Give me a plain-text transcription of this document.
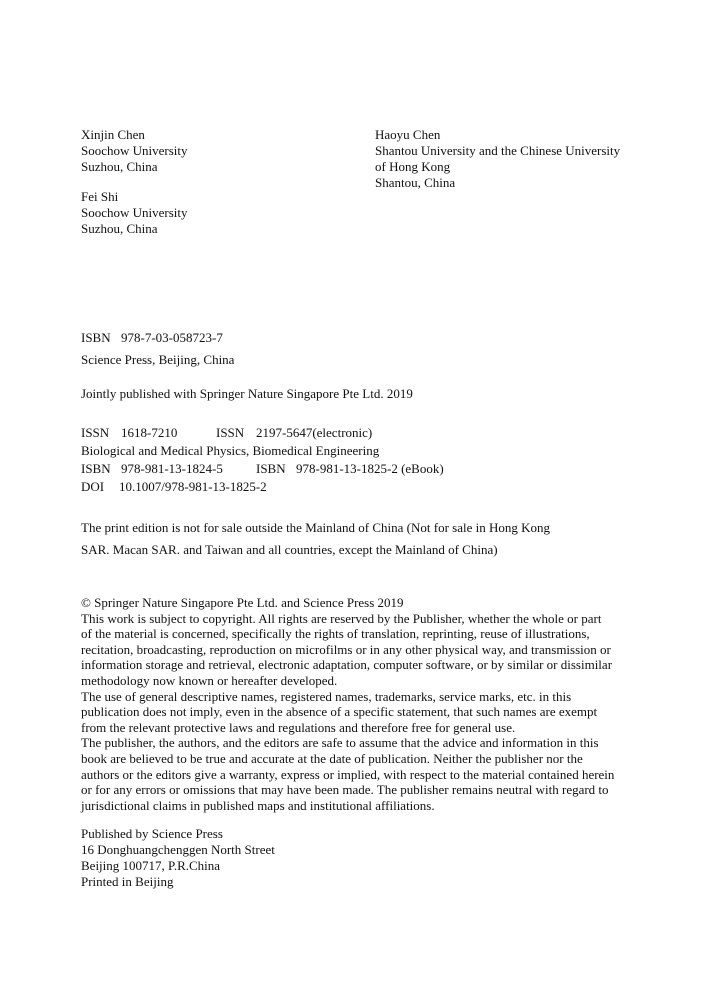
Xinjin Chen
Soochow University
Suzhou, China
Haoyu Chen
Shantou University and the Chinese University
of Hong Kong
Shantou, China
Fei Shi
Soochow University
Suzhou, China
ISBN 978-7-03-058723-7
Science Press, Beijing, China
Jointly published with Springer Nature Singapore Pte Ltd. 2019
ISSN 1618-7210	ISSN 2197-5647(electronic)
Biological and Medical Physics, Biomedical Engineering
ISBN 978-981-13-1824-5	ISBN 978-981-13-1825-2 (eBook)
DOI 10.1007/978-981-13-1825-2
The print edition is not for sale outside the Mainland of China (Not for sale in Hong Kong
SAR. Macan SAR. and Taiwan and all countries, except the Mainland of China)
© Springer Nature Singapore Pte Ltd. and Science Press 2019

This work is subject to copyright. All rights are reserved by the Publisher, whether the whole or part
of the material is concerned, specifically the rights of translation, reprinting, reuse of illustrations,
recitation, broadcasting, reproduction on microfilms or in any other physical way, and transmission or
information storage and retrieval, electronic adaptation, computer software, or by similar or dissimilar
methodology now known or hereafter developed.

The use of general descriptive names, registered names, trademarks, service marks, etc. in this
publication does not imply, even in the absence of a specific statement, that such names are exempt
from the relevant protective laws and regulations and therefore free for general use.

The publisher, the authors, and the editors are safe to assume that the advice and information in this
book are believed to be true and accurate at the date of publication. Neither the publisher nor the
authors or the editors give a warranty, express or implied, with respect to the material contained herein
or for any errors or omissions that may have been made. The publisher remains neutral with regard to
jurisdictional claims in published maps and institutional affiliations.

Published by Science Press
16 Donghuangchenggen North Street
Beijing 100717, P.R.China
Printed in Beijing
